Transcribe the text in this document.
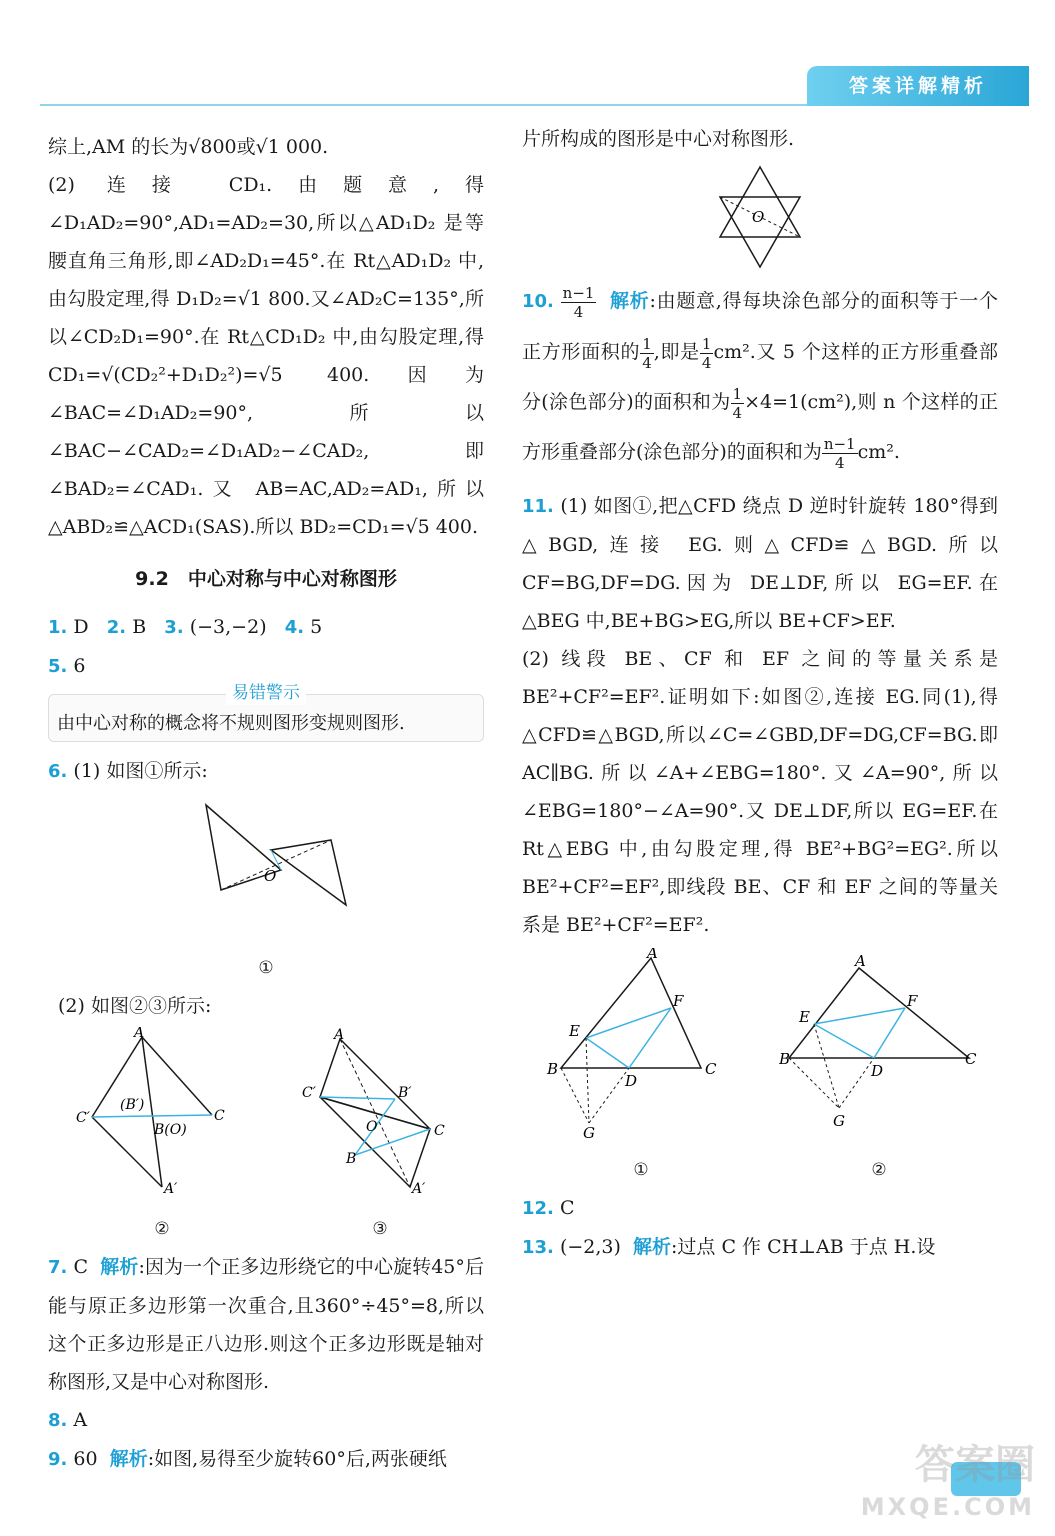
答案详解精析

综上,AM 的长为√800或√1 000.

(2) 连接 CD₁.由题意,得∠D₁AD₂=90°,AD₁=AD₂=30,所以△AD₁D₂ 是等腰直角三角形,即∠AD₂D₁=45°.在 Rt△AD₁D₂ 中,由勾股定理,得 D₁D₂=√1 800.又∠AD₂C=135°,所以∠CD₂D₁=90°.在 Rt△CD₁D₂ 中,由勾股定理,得 CD₁=√(CD₂²+D₁D₂²)=√5 400.因为∠BAC=∠D₁AD₂=90°,所以∠BAC−∠CAD₂=∠D₁AD₂−∠CAD₂,即∠BAD₂=∠CAD₁.又 AB=AC,AD₂=AD₁,所以△ABD₂≌△ACD₁(SAS).所以 BD₂=CD₁=√5 400.

9.2　中心对称与中心对称图形
1. D 2. B 3. (−3,−2) 4. 5
5. 6
易错警示
由中心对称的概念将不规则图形变规则图形.
6. (1) 如图①所示:
O
①
(2) 如图②③所示:
A
C′	C
(B′)
B(O)
A′
②
A
C′	B′
O
B
C
A′
③

7. C 解析:因为一个正多边形绕它的中心旋转45°后能与原正多边形第一次重合,且360°÷45°=8,所以这个正多边形是正八边形.则这个正多边形既是轴对称图形,又是中心对称图形.

8. A

9. 60 解析:如图,易得至少旋转60°后,两张硬纸

片所构成的图形是中心对称图形.

O

10. $\frac{n-1}{4}$ 解析:由题意,得每块涂色部分的面积等于一个正方形面积的 $\frac{1}{4}$ ,即是 $\frac{1}{4} cm^2$.又 5 个这样的正方形重叠部分(涂色部分)的面积和为 $\frac{1}{4} \times 4=1(cm^2)$,则 n 个这样的正方形重叠部分(涂色部分)的面积和为 $\frac{n-1}{4} cm^2$.

11. (1) 如图①,把△CFD 绕点 D 逆时针旋转 180°得到△BGD,连接 EG.则△CFD≌△BGD.所以 CF=BG,DF=DG.因为 DE⊥DF,所以 EG=EF.在△BEG 中,BE+BG>EG,所以 BE+CF>EF.

(2) 线段 BE、CF 和 EF 之间的等量关系是 BE²+CF²=EF².证明如下:如图②,连接 EG.同(1),得△CFD≌△BGD,所以∠C=∠GBD,DF=DG,CF=BG.即 AC∥BG.所以∠A+∠EBG=180°.又∠A=90°,所以∠EBG=180°−∠A=90°.又 DE⊥DF,所以 EG=EF.在 Rt△EBG 中,由勾股定理,得 BE²+BG²=EG².所以 BE²+CF²=EF²,即线段 BE、CF 和 EF 之间的等量关系是 BE²+CF²=EF².

A
F
E
B
D
C
G
①
A
F
E
B
D
C
G
②
12. C

13. (−2,3) 解析:过点 C 作 CH⊥AB 于点 H.设

答案圈
MXQE.COM
